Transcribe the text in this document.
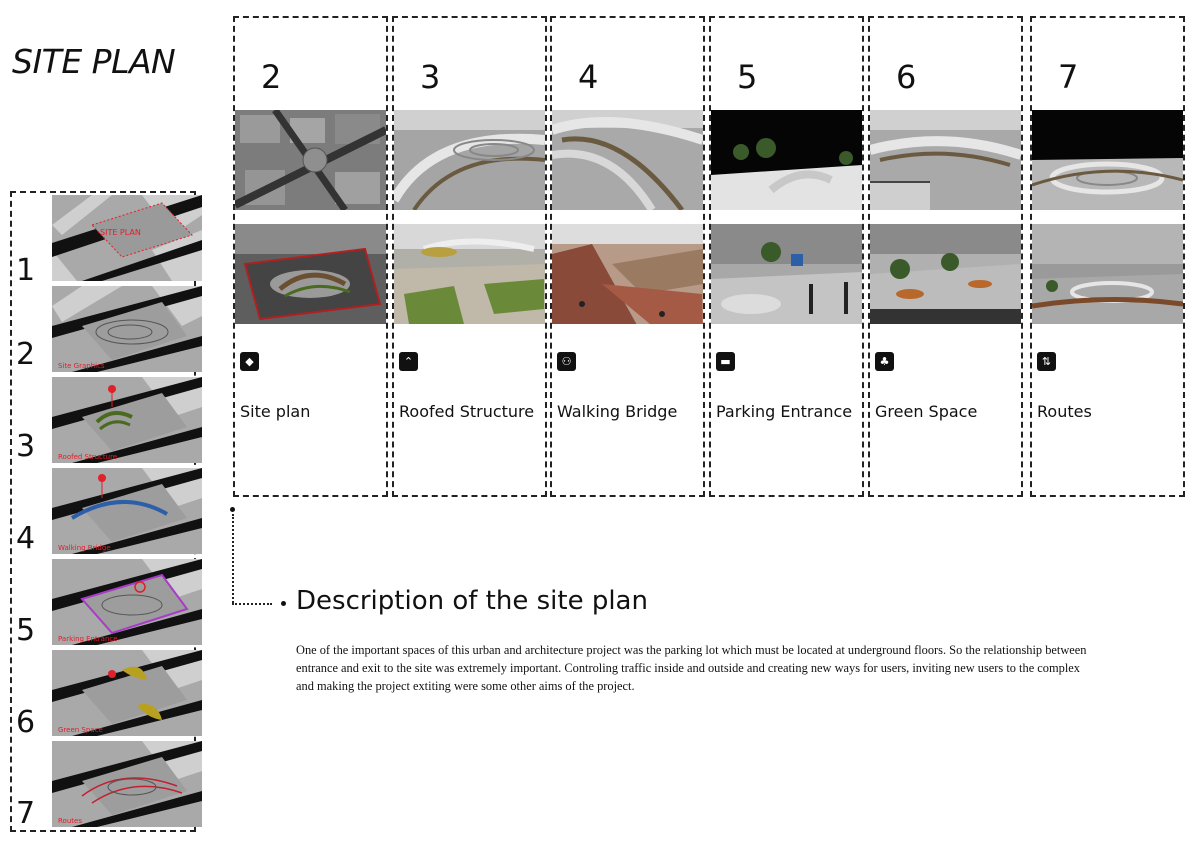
SITE PLAN
1
SITE PLAN
2	Site Graphics
3	Roofed Structure
4	Walking Bridge
5	Parking Entrance
6	Green Space
7	Routes
2
◆
Site plan
3
⌃
Roofed Structure
4
⚇
Walking Bridge
5
▬
Parking Entrance
6
♣
Green Space
7
⇅
Routes
Description of the site plan
One of the important spaces of this urban and architecture project was the parking lot which must be located at underground floors. So the relationship between entrance and exit to the site was extremely important. Controling traffic inside and outside and creating new ways for users, inviting new users to the complex and making the project extiting were some other aims of the project.
